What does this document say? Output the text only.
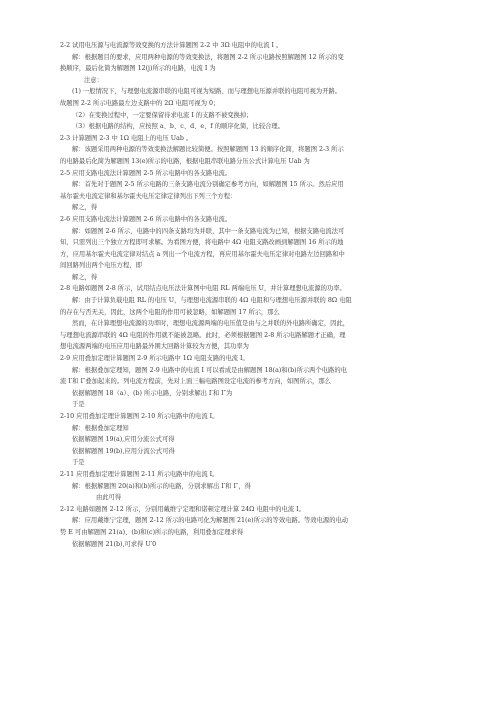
2-2 试用电压源与电流源等效变换的方法计算题图 2-2 中 3Ω 电阻中的电流 I 。
解：根据题目的要求，应用两种电源的等效变换法，将题图 2-2 所示电路按照解题图 12 所示的变
换顺序，最后化简为解题图 12(j)所示的电路，电流 I 为
注意：
(1) 一般情况下，与理想电流源串联的电阻可视为短路、而与理想电压源并联的电阻可视为开路。
故题图 2-2 所示电路最左边支路中的 2Ω 电阻可视为 0；
（2）在变换过程中，一定要保留待求电流 I 的支路不被变换掉；
（3）根据电路的结构，应按照 a、b、c、d、e、f 的顺序化简，比较合理。
2-3 计算题图 2-3 中 1Ω 电阻上的电压 Uab 。
解：该题采用两种电源的等效变换法解题比较简便。按照解题图 13 的顺序化简，将题图 2-3 所示
的电路最后化简为解题图 13(e)所示的电路，根据电阻串联电路分压公式计算电压 Uab 为
2-5 应用支路电流法计算题图 2-5 所示电路中的各支路电流。
解：首先对于题图 2-5 所示电路的三条支路电流分别确定参考方向，如解题图 15 所示。然后应用
基尔霍夫电流定律和基尔霍夫电压定律定律列出下列三个方程：
解之，得
2-6 应用支路电流法计算题图 2-6 所示电路中的各支路电流。
解：如题图 2-6 所示，电路中的四条支路均为并联，其中一条支路电流为已知，根据支路电流法可
知，只需列出三个独立方程即可求解。为看图方便，将电路中 4Ω 电阻支路改画到解题图 16 所示的地
方，应用基尔霍夫电流定律对结点 a 列出一个电流方程，再应用基尔霍夫电压定律对电路左边回路和中
间回路列出两个电压方程，即
解之，得
2-8 电路如题图 2-8 所示，试用结点电压法计算图中电阻 RL 两端电压 U，并计算理想电流源的功率。
解：由于计算负载电阻 RL 的电压 U，与理想电流源串联的 4Ω 电阻和与理想电压源并联的 8Ω 电阻
的存在与否无关，因此，这两个电阻的作用可被忽略，如解题图 17 所示，那么
然而，在计算理想电流源的功率时，理想电流源两端的电压值是由与之并联的外电路所确定，因此，
与理想电流源串联的 4Ω 电阻的作用就不能被忽略。此时，必须根据题图 2-8 所示电路解题才正确，理
想电流源两端的电压应用电路最外围大回路计算较为方便，其功率为
2-9 应用叠加定理计算题图 2-9 所示电路中 1Ω 电阻支路的电流 I。
解：根据叠加定理知，题图 2-9 电路中的电流 I 可以看成是由解题图 18(a)和(b)所示两个电路的电
流 I′和 I″叠加起来的。列电流方程前，先对上面三幅电路图设定电流的参考方向，如图所示，那么
依据解题图 18（a）、(b) 所示电路，分别求解出 I′和 I″为
于是
2-10 应用叠加定理计算题图 2-10 所示电路中的电流 I。
解：根据叠加定理知
依据解题图 19(a),应用分流公式可得
依据解题图 19(b),应用分流公式可得
于是
2-11 应用叠加定理计算题图 2-11 所示电路中的电流 I。
解：根据解题图 20(a)和(b)所示的电路，分别求解出 I′和 I″，得
由此可得
2-12 电路如题图 2-12 所示，分别用戴维宁定理和诺顿定理计算 24Ω 电阻中的电流 I。
解：应用戴维宁定理，题图 2-12 所示的电路可化为解题图 21(e)所示的等效电路。等效电源的电动
势 E 可由解题图 21(a)、(b)和(c)所示的电路，利用叠加定理求得
依据解题图 21(b),可求得 U′0
